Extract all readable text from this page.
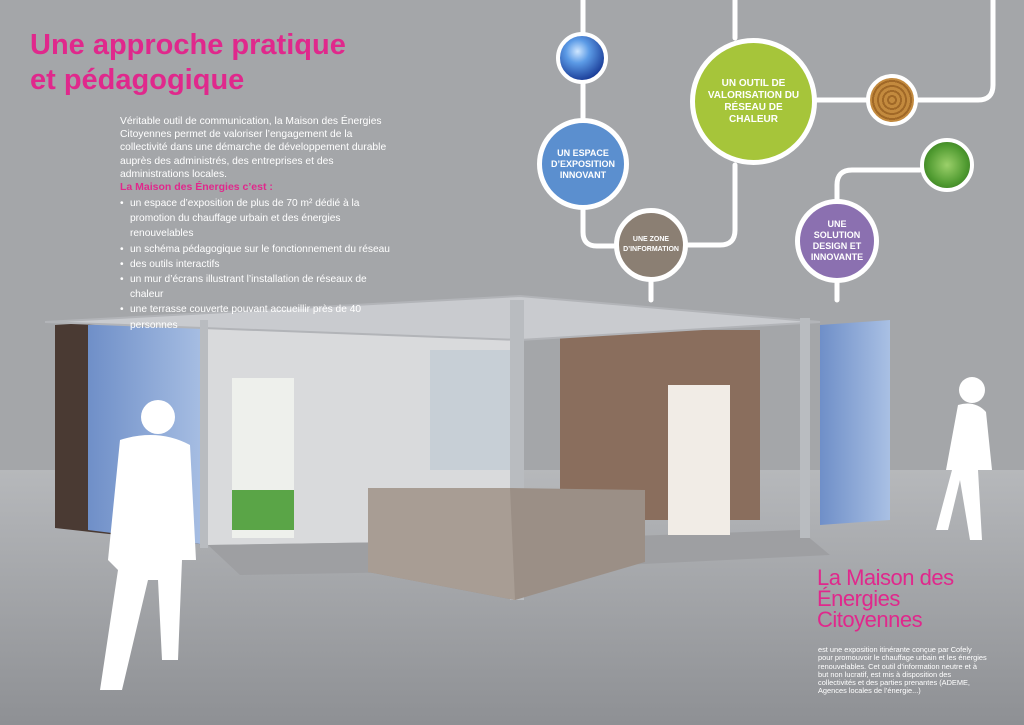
Une approche pratique
et pédagogique

Véritable outil de communication, la Maison des Énergies Citoyennes permet de valoriser l’engagement de la collectivité dans une démarche de développement durable auprès des administrés, des entreprises et des administrations locales.

La Maison des Énergies c’est :

• un espace d’exposition de plus de 70 m² dédié à la promotion du chauffage urbain et des énergies renouvelables
• un schéma pédagogique sur le fonctionnement du réseau
• des outils interactifs
• un mur d’écrans illustrant l’installation de réseaux de chaleur
• une terrasse couverte pouvant accueillir près de 40 personnes
UN ESPACE D’EXPOSITION INNOVANT
UN OUTIL DE VALORISATION DU RÉSEAU DE CHALEUR
UNE ZONE D’INFORMATION
UNE SOLUTION DESIGN ET INNOVANTE
La Maison des
Énergies
Citoyennes

est une exposition itinérante conçue par Cofely pour promouvoir le chauffage urbain et les énergies renouvelables. Cet outil d’information neutre et à but non lucratif, est mis à disposition des collectivités et des parties prenantes (ADEME, Agences locales de l’énergie...)
